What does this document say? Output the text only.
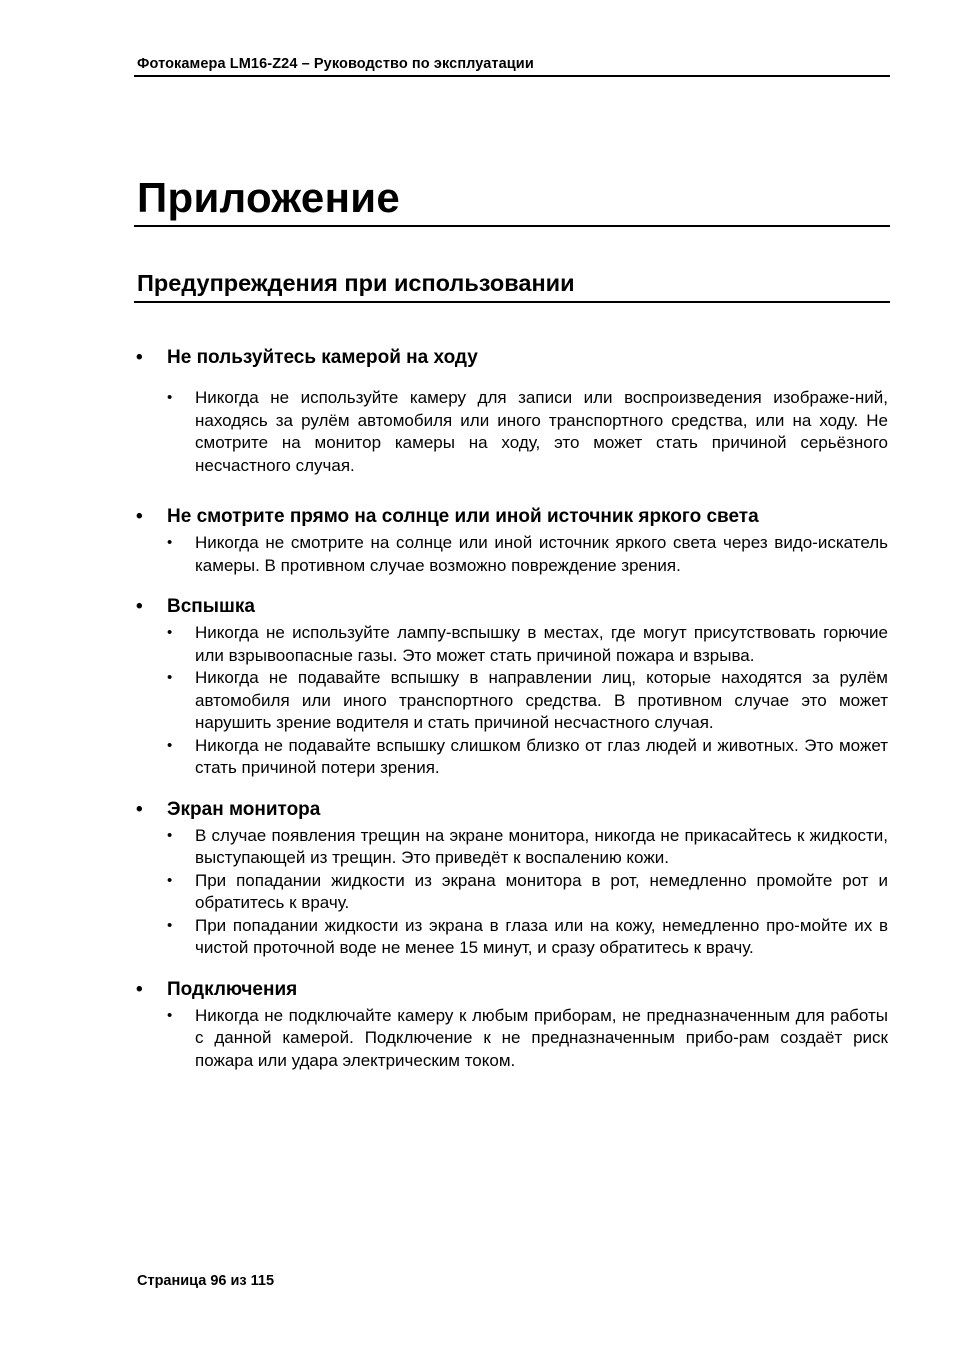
Фотокамера LM16-Z24 – Руководство по эксплуатации
Приложение
Предупреждения при использовании
• Не пользуйтесь камерой на ходу
• Никогда не используйте камеру для записи или воспроизведения изображе-ний, находясь за рулём автомобиля или иного транспортного средства, или на ходу. Не смотрите на монитор камеры на ходу, это может стать причиной серьёзного несчастного случая.

• Не смотрите прямо на солнце или иной источник яркого света
• Никогда не смотрите на солнце или иной источник яркого света через видо-искатель камеры. В противном случае возможно повреждение зрения.

• Вспышка
• Никогда не используйте лампу-вспышку в местах, где могут присутствовать горючие или взрывоопасные газы. Это может стать причиной пожара и взрыва.

• Никогда не подавайте вспышку в направлении лиц, которые находятся за рулём автомобиля или иного транспортного средства. В противном случае это может нарушить зрение водителя и стать причиной несчастного случая.

• Никогда не подавайте вспышку слишком близко от глаз людей и животных. Это может стать причиной потери зрения.

• Экран монитора
• В случае появления трещин на экране монитора, никогда не прикасайтесь к жидкости, выступающей из трещин. Это приведёт к воспалению кожи.

• При попадании жидкости из экрана монитора в рот, немедленно промойте рот и обратитесь к врачу.

• При попадании жидкости из экрана в глаза или на кожу, немедленно про-мойте их в чистой проточной воде не менее 15 минут, и сразу обратитесь к врачу.

• Подключения
• Никогда не подключайте камеру к любым приборам, не предназначенным для работы с данной камерой. Подключение к не предназначенным прибо-рам создаёт риск пожара или удара электрическим током.

Страница 96 из 115
